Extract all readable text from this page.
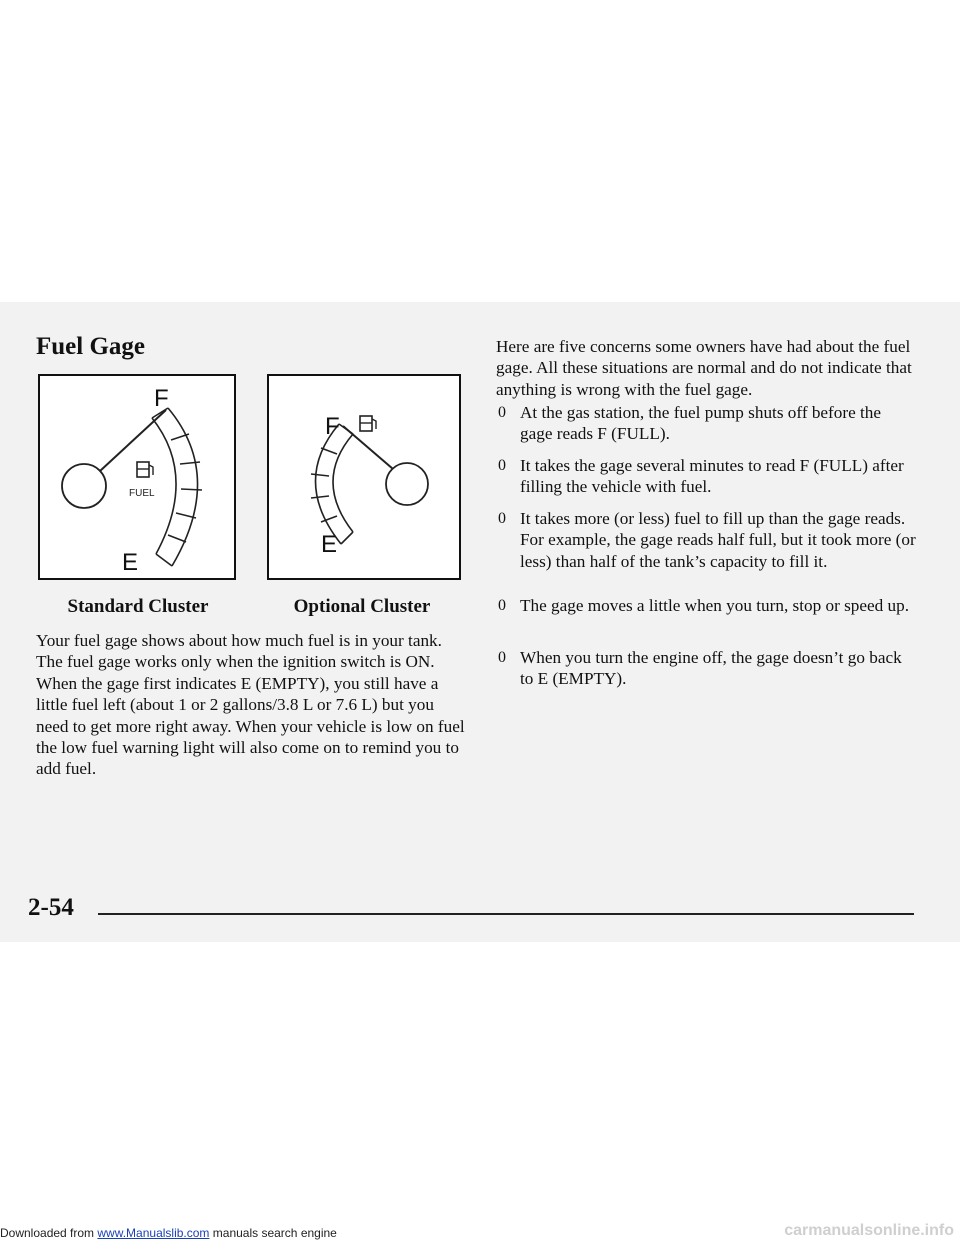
Fuel Gage
FUEL
F
E
F
E

Standard Cluster	Optional Cluster

Your fuel gage shows about how much fuel is in your tank. The fuel gage works only when the ignition switch is ON. When the gage first indicates E (EMPTY), you still have a little fuel left (about 1 or 2 gallons/3.8 L or 7.6 L) but you need to get more right away. When your vehicle is low on fuel the low fuel warning light will also come on to remind you to add fuel.

Here are five concerns some owners have had about the fuel gage. All these situations are normal and do not indicate that anything is wrong with the fuel gage.

0 At the gas station, the fuel pump shuts off before the gage reads F (FULL).
0 It takes the gage several minutes to read F (FULL) after filling the vehicle with fuel.
0 It takes more (or less) fuel to fill up than the gage reads. For example, the gage reads half full, but it took more (or less) than half of the tank’s capacity to fill it.
0 The gage moves a little when you turn, stop or speed up.
0 When you turn the engine off, the gage doesn’t go back to E (EMPTY).

2-54

Downloaded from www.Manualslib.com manuals search engine	carmanualsonline.info
